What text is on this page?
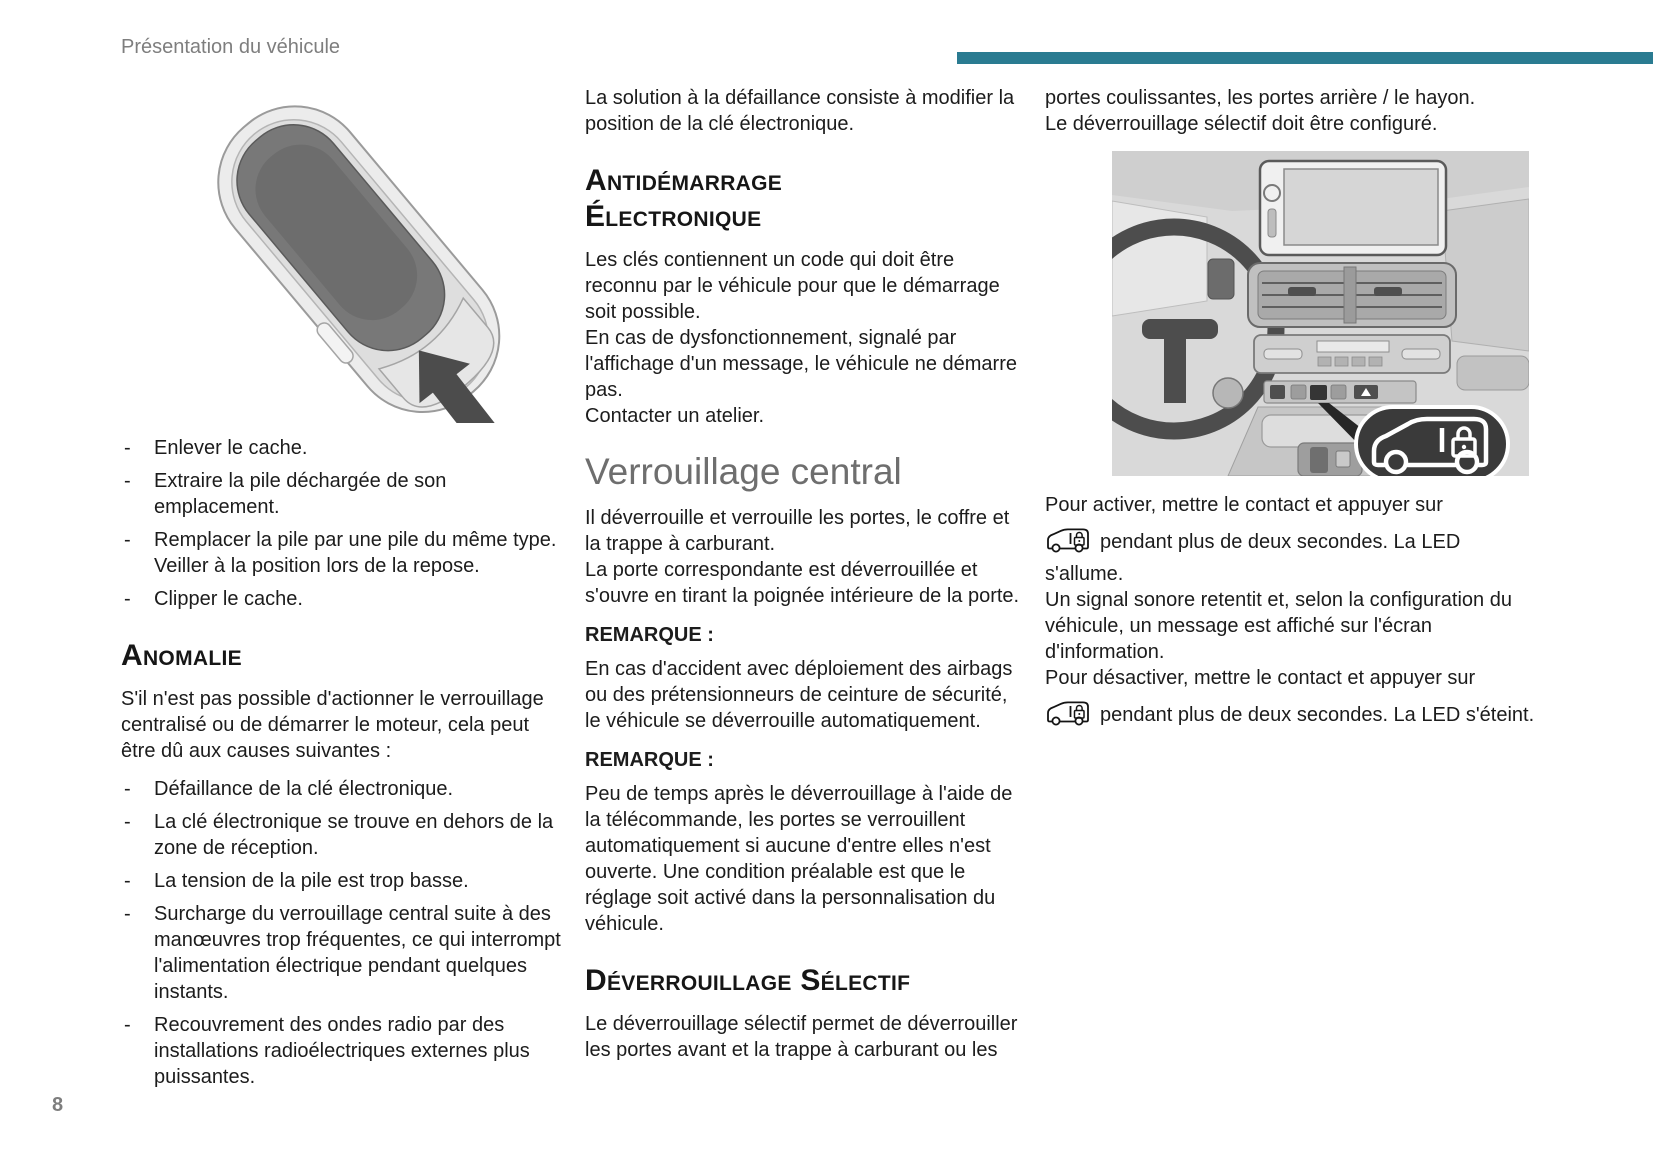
Présentation du véhicule
- Enlever le cache.
- Extraire la pile déchargée de son emplacement.
- Remplacer la pile par une pile du même type. Veiller à la position lors de la repose.
- Clipper le cache.
Anomalie

S'il n'est pas possible d'actionner le verrouillage centralisé ou de démarrer le moteur, cela peut être dû aux causes suivantes :

- Défaillance de la clé électronique.
- La clé électronique se trouve en dehors de la zone de réception.
- La tension de la pile est trop basse.
- Surcharge du verrouillage central suite à des manœuvres trop fréquentes, ce qui interrompt l'alimentation électrique pendant quelques instants.
- Recouvrement des ondes radio par des installations radioélectriques externes plus puissantes.

La solution à la défaillance consiste à modifier la position de la clé électronique.

Antidémarrage Électronique

Les clés contiennent un code qui doit être reconnu par le véhicule pour que le démarrage soit possible.

En cas de dysfonctionnement, signalé par l'affichage d'un message, le véhicule ne démarre pas.

Contacter un atelier.

Verrouillage central

Il déverrouille et verrouille les portes, le coffre et la trappe à carburant.

La porte correspondante est déverrouillée et s'ouvre en tirant la poignée intérieure de la porte.

REMARQUE :

En cas d'accident avec déploiement des airbags ou des prétensionneurs de ceinture de sécurité, le véhicule se déverrouille automatiquement.

REMARQUE :

Peu de temps après le déverrouillage à l'aide de la télécommande, les portes se verrouillent automatiquement si aucune d'entre elles n'est ouverte. Une condition préalable est que le réglage soit activé dans la personnalisation du véhicule.

Déverrouillage Sélectif

Le déverrouillage sélectif permet de déverrouiller les portes avant et la trappe à carburant ou les

portes coulissantes, les portes arrière / le hayon.

Le déverrouillage sélectif doit être configuré.

Pour activer, mettre le contact et appuyer sur

pendant plus de deux secondes. La LED s'allume.

Un signal sonore retentit et, selon la configuration du véhicule, un message est affiché sur l'écran d'information.

Pour désactiver, mettre le contact et appuyer sur

pendant plus de deux secondes. La LED s'éteint.

8
